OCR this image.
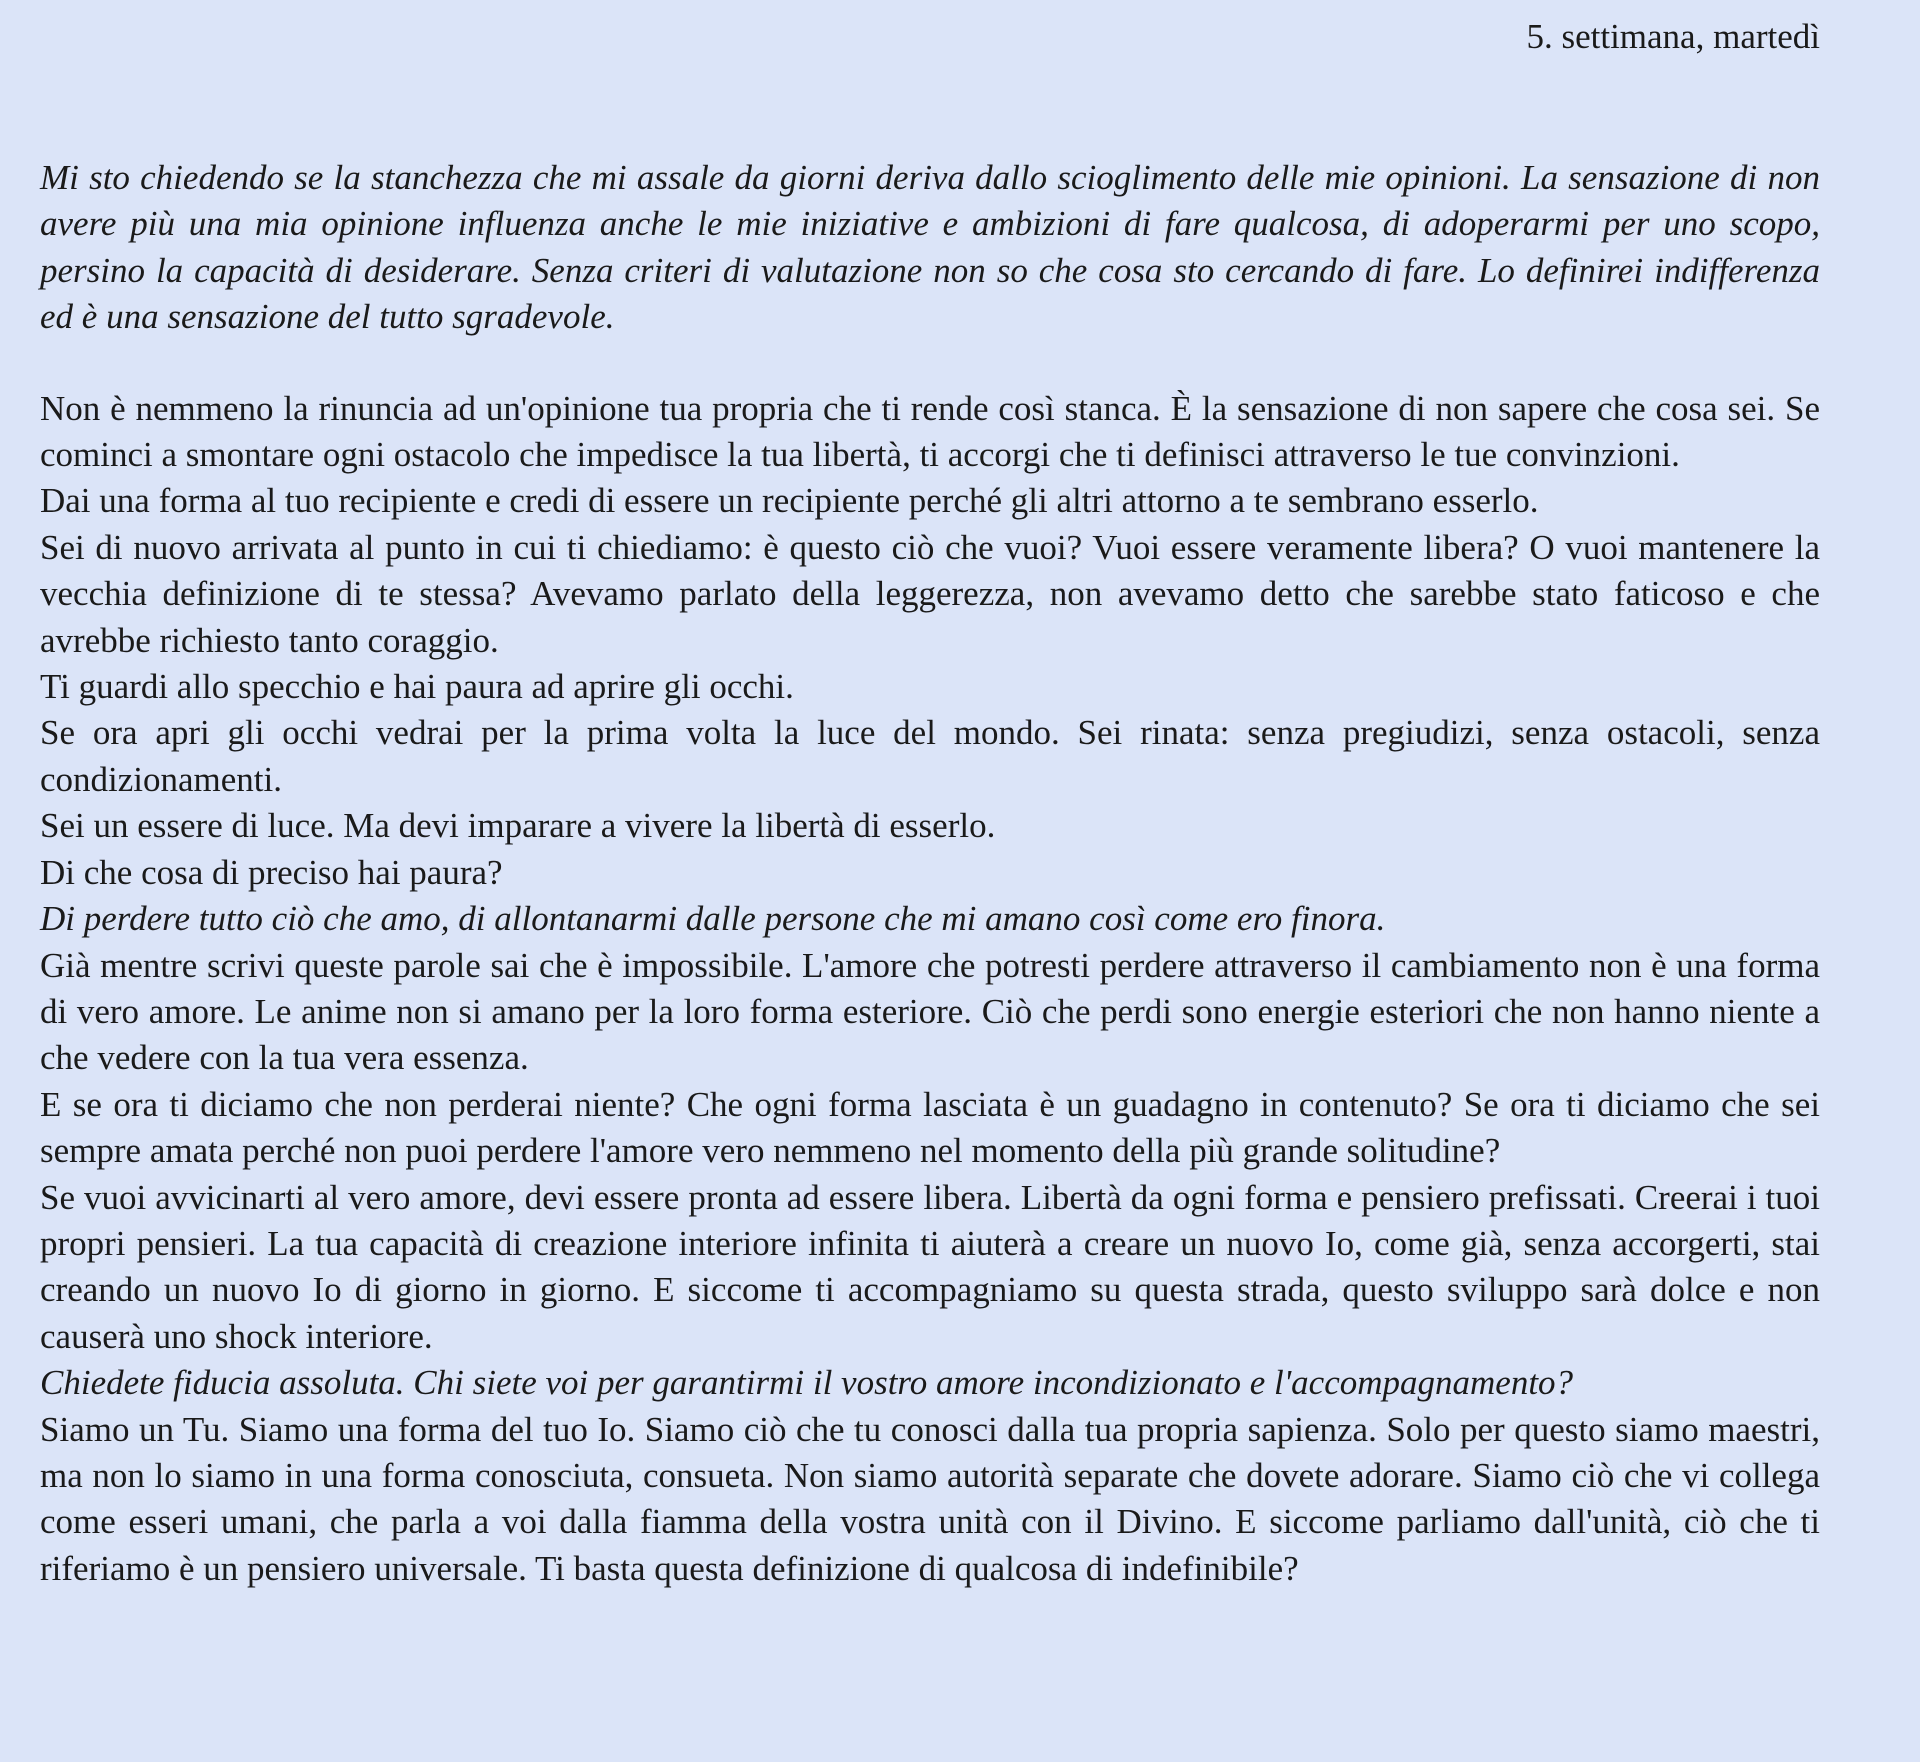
5. settimana, martedì

Mi sto chiedendo se la stanchezza che mi assale da giorni deriva dallo scioglimento delle mie opinioni. La sensazione di non avere più una mia opinione influenza anche le mie iniziative e ambizioni di fare qualcosa, di adoperarmi per uno scopo, persino la capacità di desiderare. Senza criteri di valutazione non so che cosa sto cercando di fare. Lo definirei indifferenza ed è una sensazione del tutto sgradevole.

Non è nemmeno la rinuncia ad un'opinione tua propria che ti rende così stanca. È la sensazione di non sapere che cosa sei. Se cominci a smontare ogni ostacolo che impedisce la tua libertà, ti accorgi che ti definisci attraverso le tue convinzioni.

Dai una forma al tuo recipiente e credi di essere un recipiente perché gli altri attorno a te sembrano esserlo.

Sei di nuovo arrivata al punto in cui ti chiediamo: è questo ciò che vuoi? Vuoi essere veramente libera? O vuoi mantenere la vecchia definizione di te stessa? Avevamo parlato della leggerezza, non avevamo detto che sarebbe stato faticoso e che avrebbe richiesto tanto coraggio.

Ti guardi allo specchio e hai paura ad aprire gli occhi.

Se ora apri gli occhi vedrai per la prima volta la luce del mondo. Sei rinata: senza pregiudizi, senza ostacoli, senza condizionamenti.

Sei un essere di luce. Ma devi imparare a vivere la libertà di esserlo.

Di che cosa di preciso hai paura?

Di perdere tutto ciò che amo, di allontanarmi dalle persone che mi amano così come ero finora.

Già mentre scrivi queste parole sai che è impossibile. L'amore che potresti perdere attraverso il cambiamento non è una forma di vero amore. Le anime non si amano per la loro forma esteriore. Ciò che perdi sono energie esteriori che non hanno niente a che vedere con la tua vera essenza.

E se ora ti diciamo che non perderai niente? Che ogni forma lasciata è un guadagno in contenuto? Se ora ti diciamo che sei sempre amata perché non puoi perdere l'amore vero nemmeno nel momento della più grande solitudine?

Se vuoi avvicinarti al vero amore, devi essere pronta ad essere libera. Libertà da ogni forma e pensiero prefissati. Creerai i tuoi propri pensieri. La tua capacità di creazione interiore infinita ti aiuterà a creare un nuovo Io, come già, senza accorgerti, stai creando un nuovo Io di giorno in giorno. E siccome ti accompagniamo su questa strada, questo sviluppo sarà dolce e non causerà uno shock interiore.

Chiedete fiducia assoluta. Chi siete voi per garantirmi il vostro amore incondizionato e l'accompagnamento?

Siamo un Tu. Siamo una forma del tuo Io. Siamo ciò che tu conosci dalla tua propria sapienza. Solo per questo siamo maestri, ma non lo siamo in una forma conosciuta, consueta. Non siamo autorità separate che dovete adorare. Siamo ciò che vi collega come esseri umani, che parla a voi dalla fiamma della vostra unità con il Divino. E siccome parliamo dall'unità, ciò che ti riferiamo è un pensiero universale. Ti basta questa definizione di qualcosa di indefinibile?
